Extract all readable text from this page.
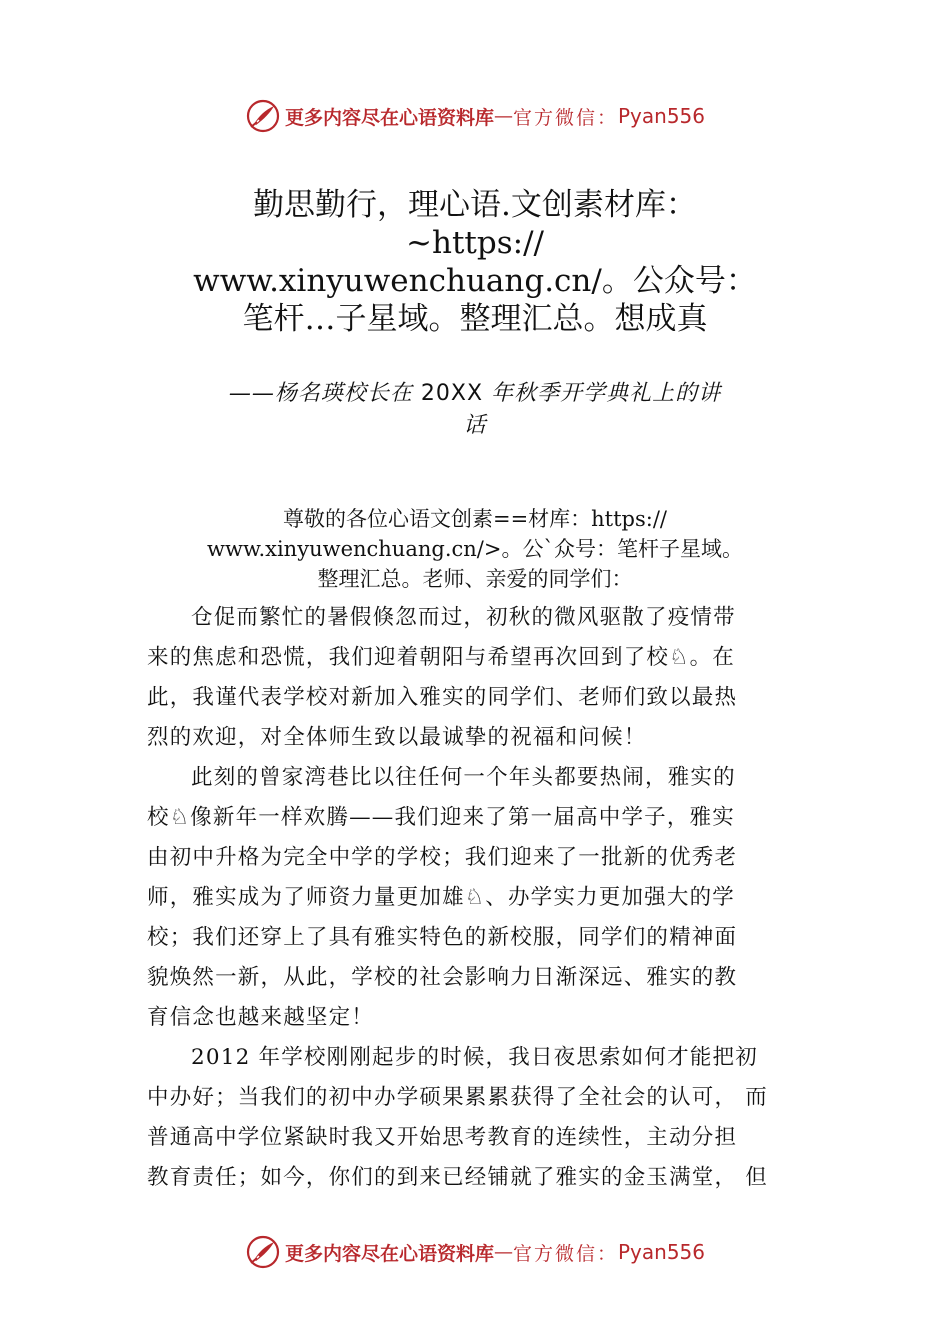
更多内容尽在心语资料库 — 官方微信： Pyan556
勤思勤行，理心语.文创素材库：
~https://
www.xinyuwenchuang.cn/。公众号：
笔杆…子星域。整理汇总。想成真
——杨名瑛校长在 20XX 年秋季开学典礼上的讲
话
尊敬的各位心语文创素==材库：https://
www.xinyuwenchuang.cn/>。公`众号：笔杆子星域。
整理汇总。老师、亲爱的同学们：
仓促而繁忙的暑假倏忽而过，初秋的微风驱散了疫情带
来的焦虑和恐慌，我们迎着朝阳与希望再次回到了校♘。在
此，我谨代表学校对新加入雅实的同学们、老师们致以最热
烈的欢迎，对全体师生致以最诚挚的祝福和问候！
此刻的曾家湾巷比以往任何一个年头都要热闹，雅实的
校♘像新年一样欢腾——我们迎来了第一届高中学子，雅实
由初中升格为完全中学的学校；我们迎来了一批新的优秀老
师，雅实成为了师资力量更加雄♘、办学实力更加强大的学
校；我们还穿上了具有雅实特色的新校服，同学们的精神面
貌焕然一新，从此，学校的社会影响力日渐深远、雅实的教
育信念也越来越坚定！
2012 年学校刚刚起步的时候，我日夜思索如何才能把初
中办好；当我们的初中办学硕果累累获得了全社会的认可， 而
普通高中学位紧缺时我又开始思考教育的连续性，主动分担
教育责任；如今，你们的到来已经铺就了雅实的金玉满堂， 但
更多内容尽在心语资料库 — 官方微信： Pyan556
